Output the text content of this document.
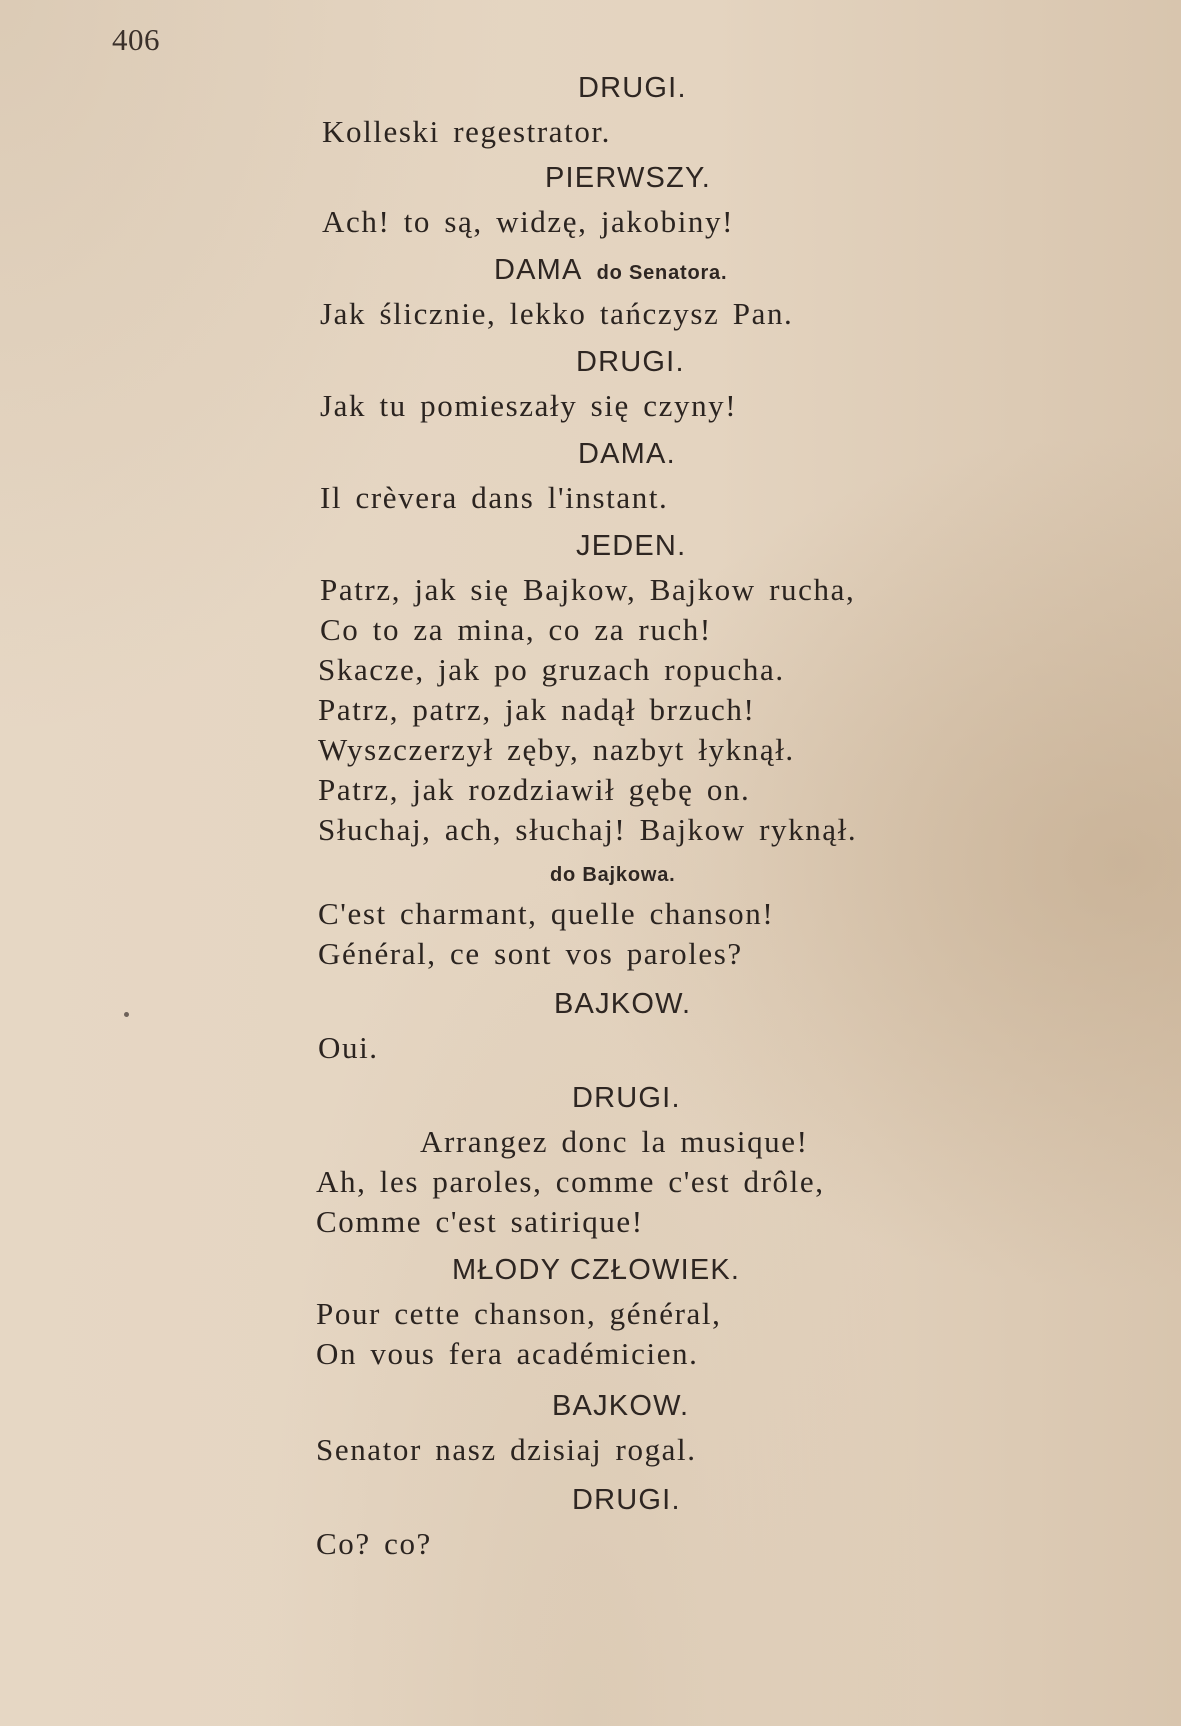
406
DRUGI.
Kolleski regestrator.
PIERWSZY.
Ach! to są, widzę, jakobiny!
DAMA do Senatora.
Jak ślicznie, lekko tańczysz Pan.
DRUGI.
Jak tu pomieszały się czyny!
DAMA.
Il crèvera dans l'instant.
JEDEN.
Patrz, jak się Bajkow, Bajkow rucha,
Co to za mina, co za ruch!
Skacze, jak po gruzach ropucha.
Patrz, patrz, jak nadął brzuch!
Wyszczerzył zęby, nazbyt łyknął.
Patrz, jak rozdziawił gębę on.
Słuchaj, ach, słuchaj! Bajkow ryknął.
do Bajkowa.
C'est charmant, quelle chanson!
Général, ce sont vos paroles?
BAJKOW.
Oui.
DRUGI.
Arrangez donc la musique!
Ah, les paroles, comme c'est drôle,
Comme c'est satirique!
MŁODY CZŁOWIEK.
Pour cette chanson, général,
On vous fera académicien.
BAJKOW.
Senator nasz dzisiaj rogal.
DRUGI.
Co? co?
